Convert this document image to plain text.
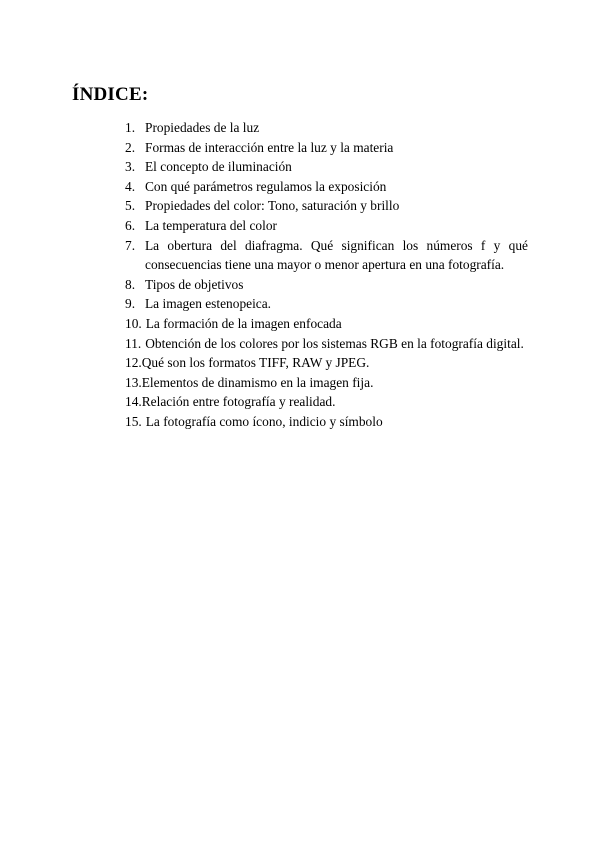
ÍNDICE:
1. Propiedades de la luz
2. Formas de interacción entre la luz y la materia
3. El concepto de iluminación
4. Con qué parámetros regulamos la exposición
5. Propiedades del color: Tono, saturación y brillo
6. La temperatura del color
7. La obertura del diafragma. Qué significan los números f y qué consecuencias tiene una mayor o menor apertura en una fotografía.
8. Tipos de objetivos
9. La imagen estenopeica.
10. La formación de la imagen enfocada
11. Obtención de los colores por los sistemas RGB en la fotografía digital.
12. Qué son los formatos TIFF, RAW y JPEG.
13. Elementos de dinamismo en la imagen fija.
14. Relación entre fotografía y realidad.
15. La fotografía como ícono, indicio y símbolo
